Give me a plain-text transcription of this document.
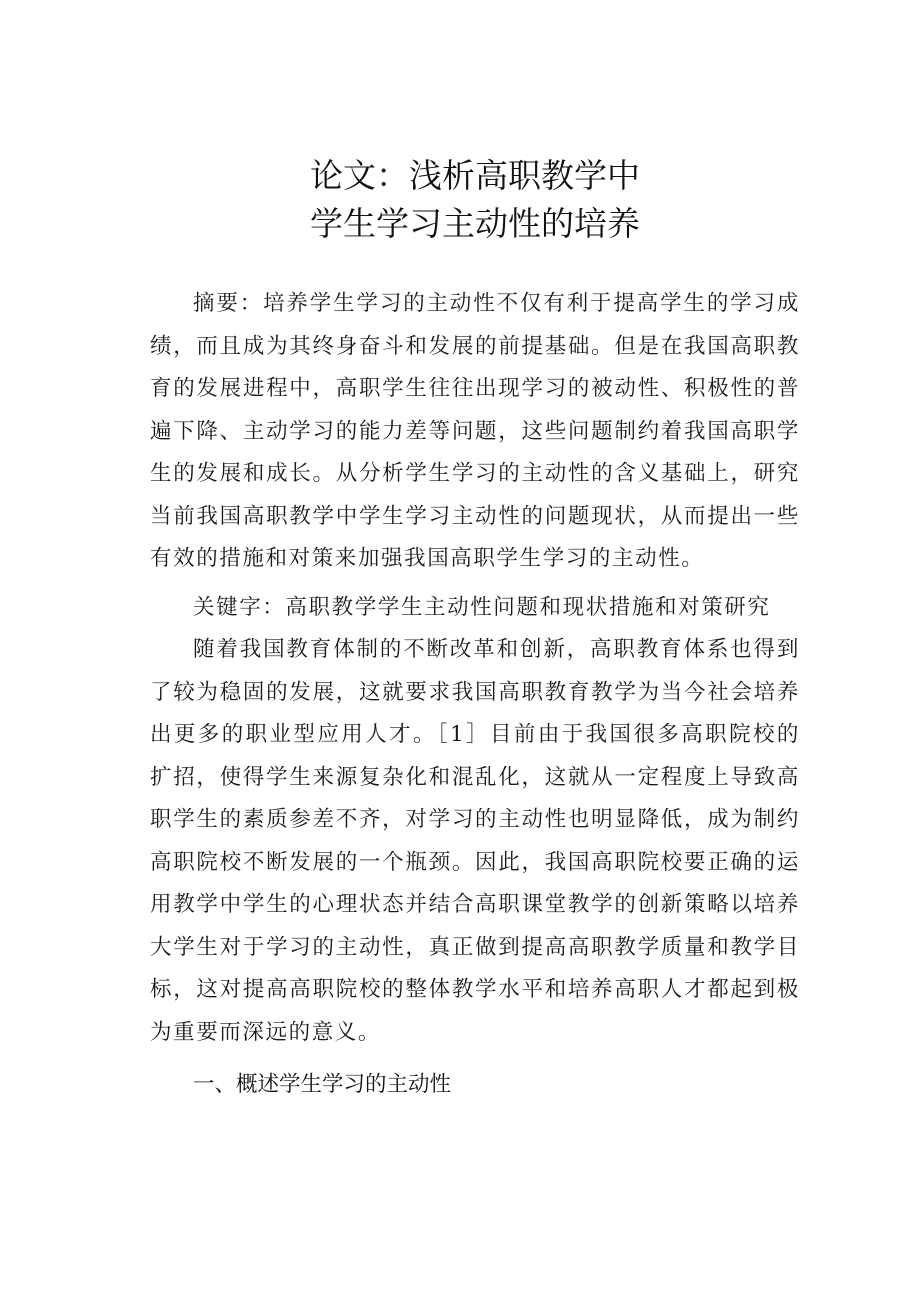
论文：浅析高职教学中
学生学习主动性的培养

摘要：培养学生学习的主动性不仅有利于提高学生的学习成绩，而且成为其终身奋斗和发展的前提基础。但是在我国高职教育的发展进程中，高职学生往往出现学习的被动性、积极性的普遍下降、主动学习的能力差等问题，这些问题制约着我国高职学生的发展和成长。从分析学生学习的主动性的含义基础上，研究当前我国高职教学中学生学习主动性的问题现状，从而提出一些有效的措施和对策来加强我国高职学生学习的主动性。

关键字：高职教学学生主动性问题和现状措施和对策研究

随着我国教育体制的不断改革和创新，高职教育体系也得到了较为稳固的发展，这就要求我国高职教育教学为当今社会培养出更多的职业型应用人才。［1］目前由于我国很多高职院校的扩招，使得学生来源复杂化和混乱化，这就从一定程度上导致高职学生的素质参差不齐，对学习的主动性也明显降低，成为制约高职院校不断发展的一个瓶颈。因此，我国高职院校要正确的运用教学中学生的心理状态并结合高职课堂教学的创新策略以培养大学生对于学习的主动性，真正做到提高高职教学质量和教学目标，这对提高高职院校的整体教学水平和培养高职人才都起到极为重要而深远的意义。

一、概述学生学习的主动性
